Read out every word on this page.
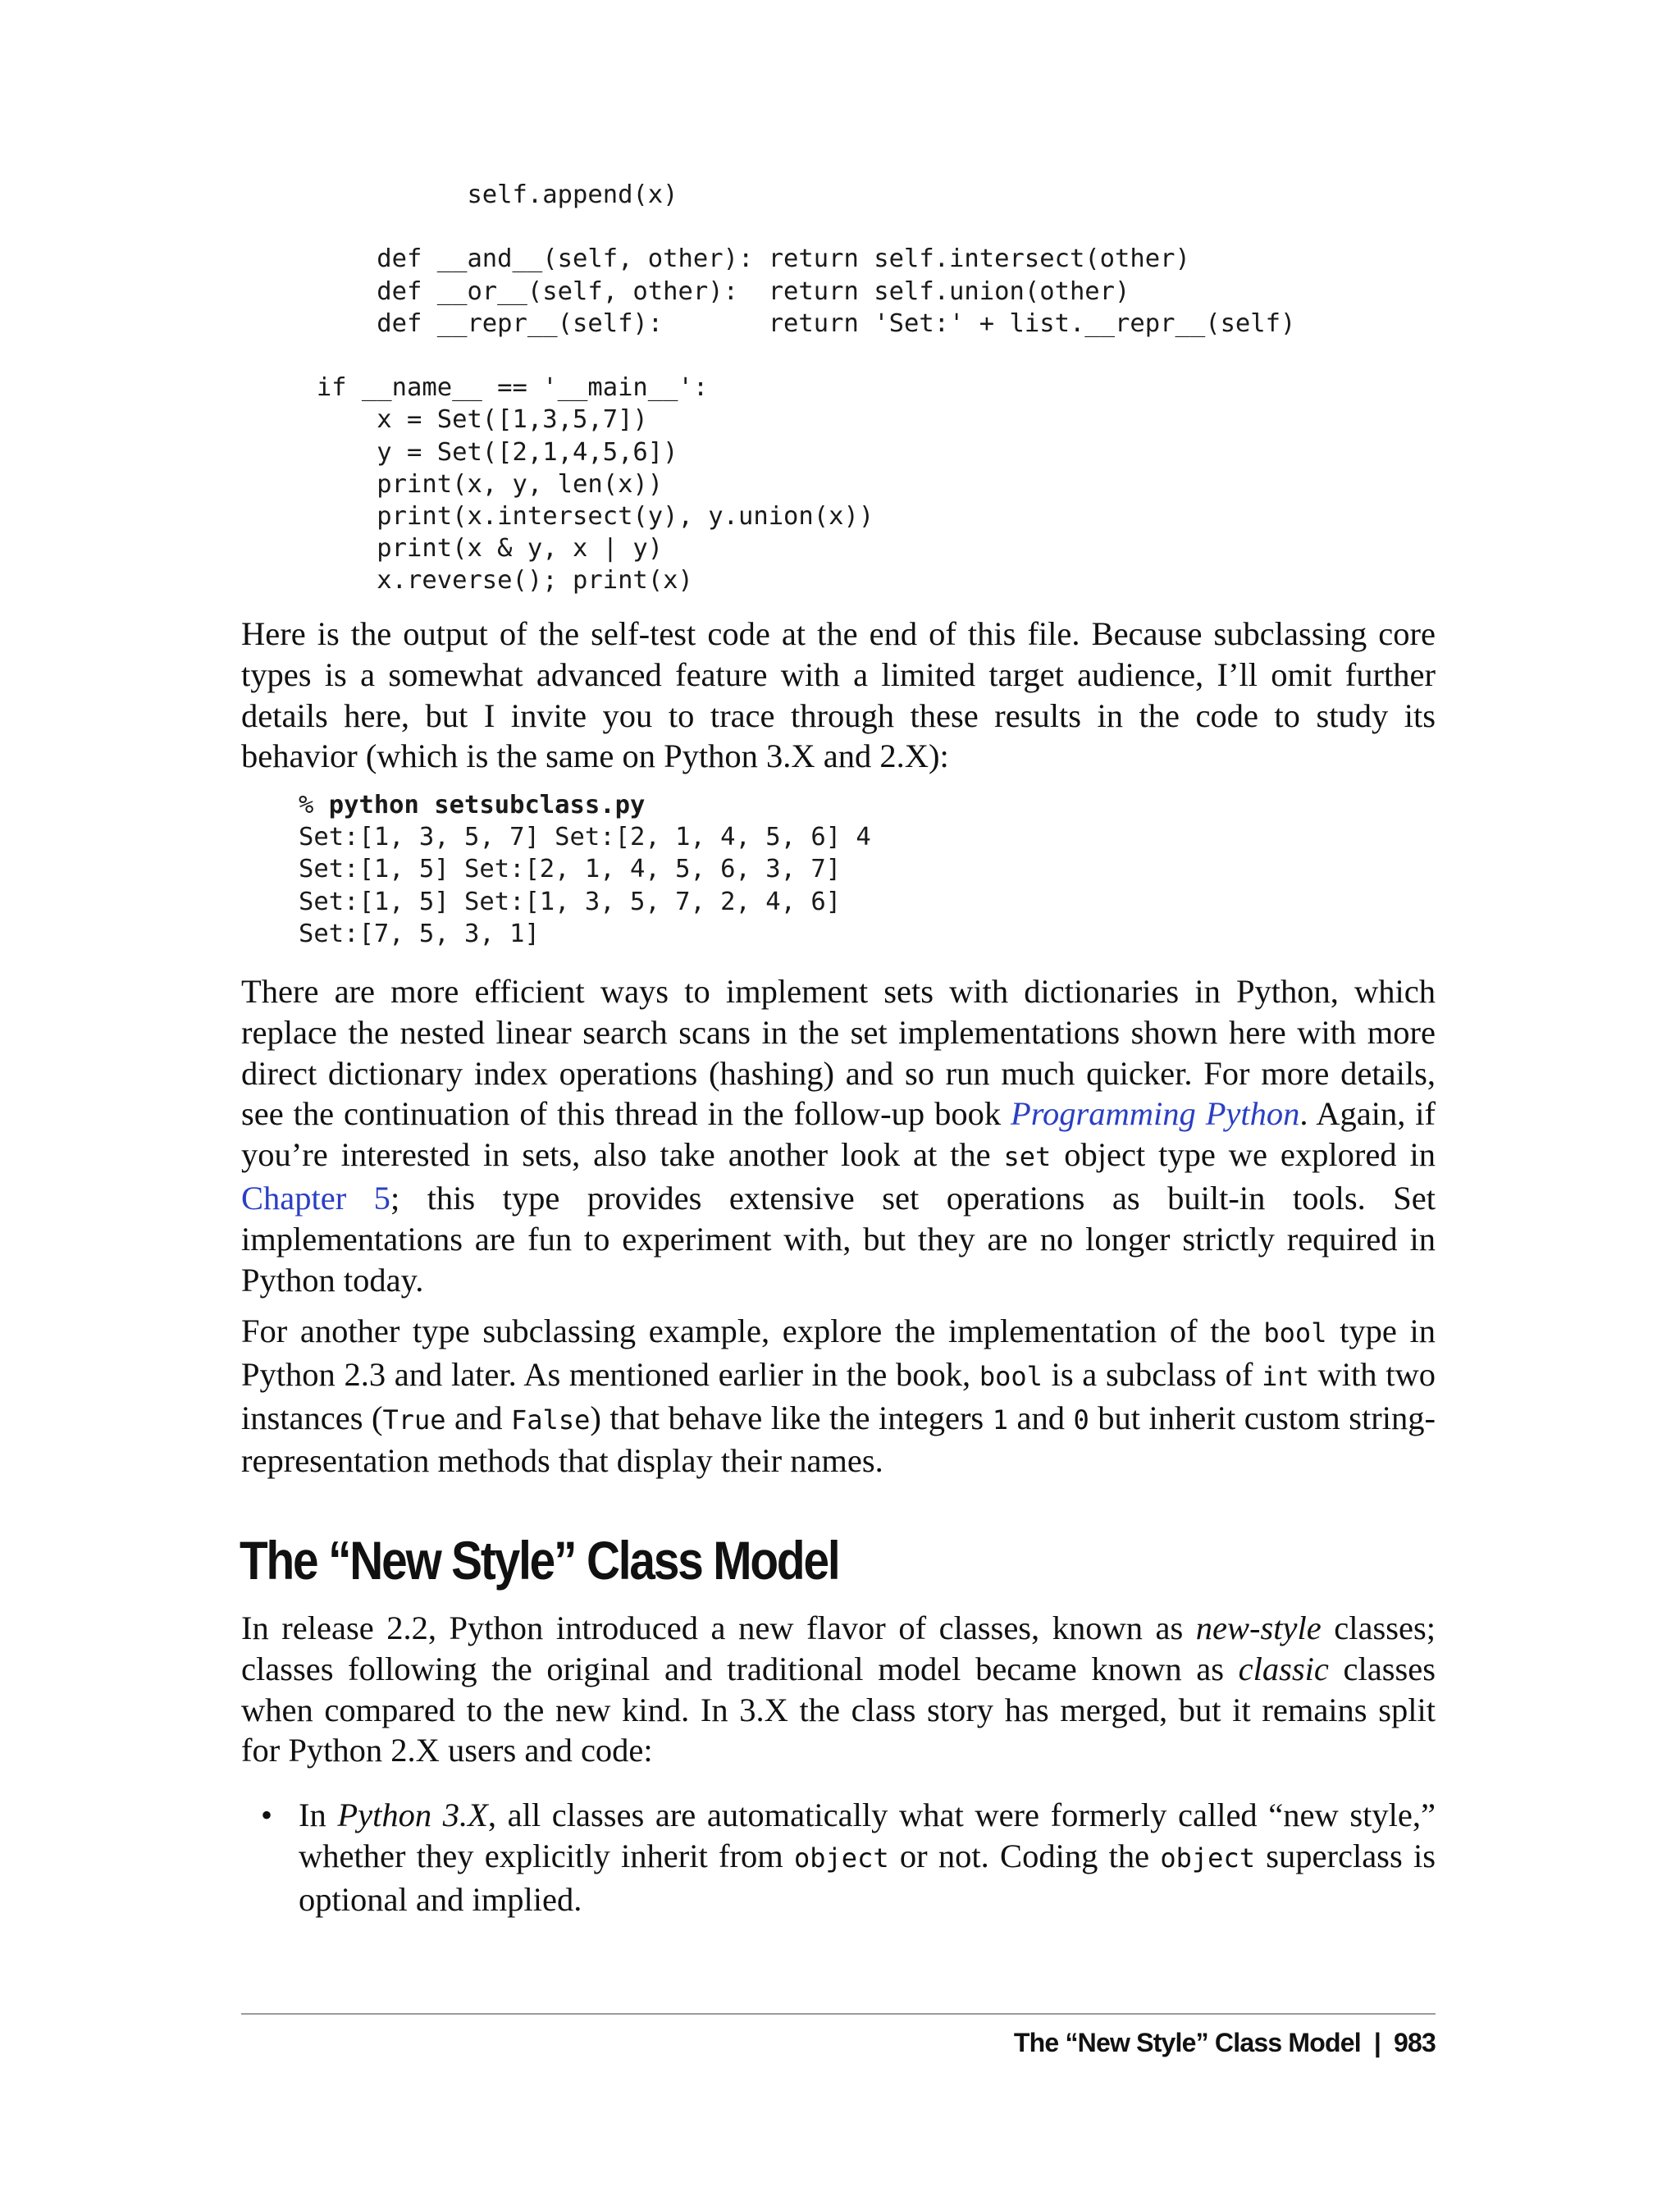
self.append(x)

def __and__(self, other): return self.intersect(other)
def __or__(self, other):  return self.union(other)
def __repr__(self):       return 'Set:' + list.__repr__(self)

if __name__ == '__main__':
x = Set([1,3,5,7])
y = Set([2,1,4,5,6])
print(x, y, len(x))
print(x.intersect(y), y.union(x))
print(x & y, x | y)
x.reverse(); print(x)

Here is the output of the self-test code at the end of this file. Because subclassing core types is a somewhat advanced feature with a limited target audience, I’ll omit further details here, but I invite you to trace through these results in the code to study its behavior (which is the same on Python 3.X and 2.X):

% python setsubclass.py
Set:[1, 3, 5, 7] Set:[2, 1, 4, 5, 6] 4
Set:[1, 5] Set:[2, 1, 4, 5, 6, 3, 7]
Set:[1, 5] Set:[1, 3, 5, 7, 2, 4, 6]
Set:[7, 5, 3, 1]

There are more efficient ways to implement sets with dictionaries in Python, which replace the nested linear search scans in the set implementations shown here with more direct dictionary index operations (hashing) and so run much quicker. For more details, see the continuation of this thread in the follow-up book Programming Python. Again, if you’re interested in sets, also take another look at the set object type we explored in Chapter 5; this type provides extensive set operations as built-in tools. Set implementations are fun to experiment with, but they are no longer strictly required in Python today.

For another type subclassing example, explore the implementation of the bool type in Python 2.3 and later. As mentioned earlier in the book, bool is a subclass of int with two instances (True and False) that behave like the integers 1 and 0 but inherit custom string-representation methods that display their names.

The “New Style” Class Model

In release 2.2, Python introduced a new flavor of classes, known as new-style classes; classes following the original and traditional model became known as classic classes when compared to the new kind. In 3.X the class story has merged, but it remains split for Python 2.X users and code:

• In Python 3.X, all classes are automatically what were formerly called “new style,” whether they explicitly inherit from object or not. Coding the object superclass is optional and implied.

The “New Style” Class Model | 983
